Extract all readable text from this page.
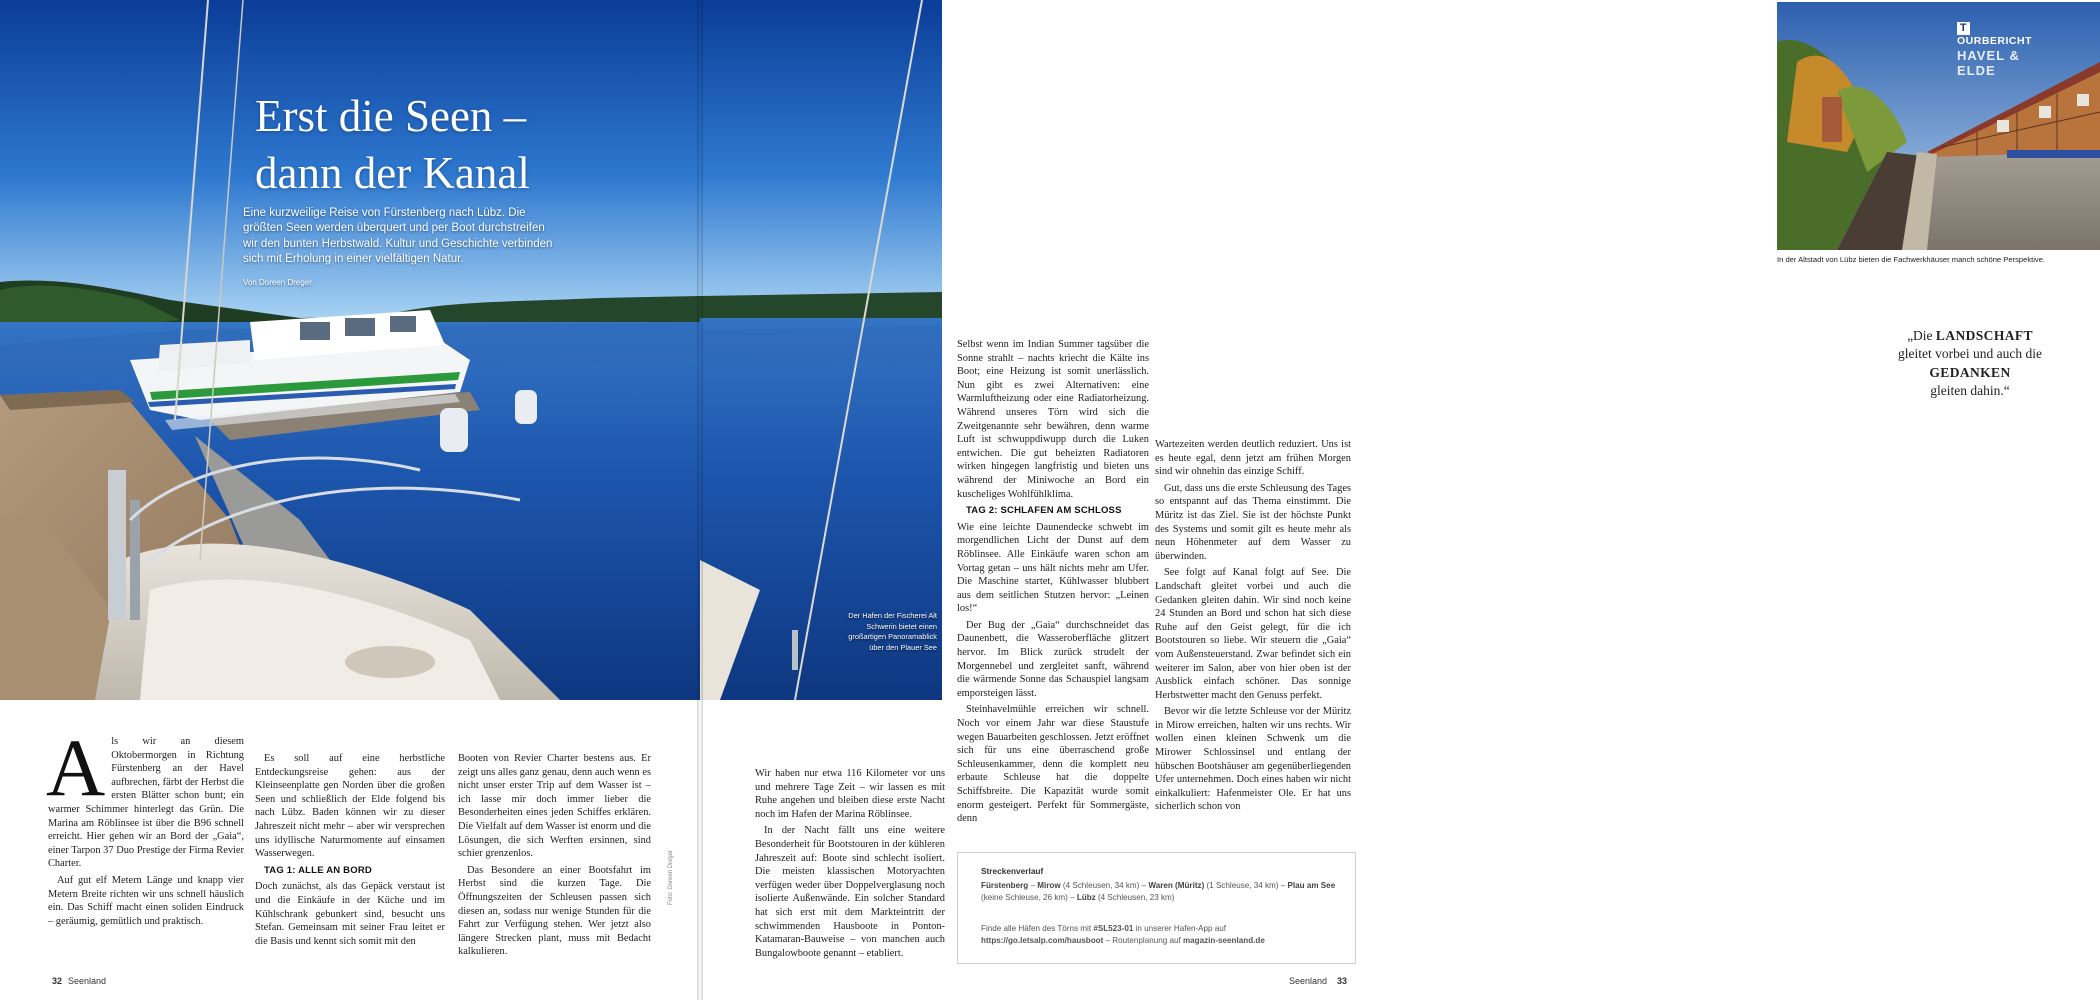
Erst die Seen –
dann der Kanal

Eine kurzweilige Reise von Fürstenberg nach Lübz. Die größten Seen werden überquert und per Boot durchstreifen wir den bunten Herbstwald. Kultur und Geschichte verbinden sich mit Erholung in einer vielfältigen Natur.

Von Doreen Dreger

Als wir an diesem Oktobermorgen in Richtung Fürstenberg an der Havel aufbrechen, färbt der Herbst die ersten Blätter schon bunt; ein warmer Schimmer hinterlegt das Grün. Die Marina am Röblinsee ist über die B96 schnell erreicht. Hier gehen wir an Bord der „Gaia“, einer Tarpon 37 Duo Prestige der Firma Revier Charter.

Auf gut elf Metern Länge und knapp vier Metern Breite richten wir uns schnell häuslich ein. Das Schiff macht einen soliden Eindruck – geräumig, gemütlich und praktisch.

Es soll auf eine herbstliche Entdeckungsreise gehen: aus der Kleinseenplatte gen Norden über die großen Seen und schließlich der Elde folgend bis nach Lübz. Baden können wir zu dieser Jahreszeit nicht mehr – aber wir versprechen uns idyllische Naturmomente auf einsamen Wasserwegen.

TAG 1: ALLE AN BORD

Doch zunächst, als das Gepäck verstaut ist und die Einkäufe in der Küche und im Kühlschrank gebunkert sind, besucht uns Stefan. Gemeinsam mit seiner Frau leitet er die Basis und kennt sich somit mit den

Booten von Revier Charter bestens aus. Er zeigt uns alles ganz genau, denn auch wenn es nicht unser erster Trip auf dem Wasser ist – ich lasse mir doch immer lieber die Besonderheiten eines jeden Schiffes erklären. Die Vielfalt auf dem Wasser ist enorm und die Lösungen, die sich Werften ersinnen, sind schier grenzenlos.

Das Besondere an einer Bootsfahrt im Herbst sind die kurzen Tage. Die Öffnungszeiten der Schleusen passen sich diesen an, sodass nur wenige Stunden für die Fahrt zur Verfügung stehen. Wer jetzt also längere Strecken plant, muss mit Bedacht kalkulieren.

Foto: Doreen Dreger
32 Seenland
Der Hafen der Fischerei Alt Schwerin bietet einen großartigen Panoramablick über den Plauer See
TOURBERICHT
HAVEL & ELDE
In der Altstadt von Lübz bieten die Fachwerkhäuser manch schöne Perspektive.

Wir haben nur etwa 116 Kilometer vor uns und mehrere Tage Zeit – wir lassen es mit Ruhe angehen und bleiben diese erste Nacht noch im Hafen der Marina Röblinsee.

In der Nacht fällt uns eine weitere Besonderheit für Bootstouren in der kühleren Jahreszeit auf: Boote sind schlecht isoliert. Die meisten klassischen Motoryachten verfügen weder über Doppelverglasung noch isolierte Außenwände. Ein solcher Standard hat sich erst mit dem Markteintritt der schwimmenden Hausboote in Ponton-Katamaran-Bauweise – von manchen auch Bungalowboote genannt – etabliert.

Selbst wenn im Indian Summer tagsüber die Sonne strahlt – nachts kriecht die Kälte ins Boot; eine Heizung ist somit unerlässlich. Nun gibt es zwei Alternativen: eine Warmluftheizung oder eine Radiatorheizung. Während unseres Törn wird sich die Zweitgenannte sehr bewähren, denn warme Luft ist schwuppdiwupp durch die Luken entwichen. Die gut beheizten Radiatoren wirken hingegen langfristig und bieten uns während der Miniwoche an Bord ein kuscheliges Wohlfühlklima.

TAG 2: SCHLAFEN AM SCHLOSS

Wie eine leichte Daunendecke schwebt im morgendlichen Licht der Dunst auf dem Röblinsee. Alle Einkäufe waren schon am Vortag getan – uns hält nichts mehr am Ufer. Die Maschine startet, Kühlwasser blubbert aus dem seitlichen Stutzen hervor: „Leinen los!“

Der Bug der „Gaia“ durchschneidet das Daunenbett, die Wasseroberfläche glitzert hervor. Im Blick zurück strudelt der Morgennebel und zergleitet sanft, während die wärmende Sonne das Schauspiel langsam emporsteigen lässt.

Steinhavelmühle erreichen wir schnell. Noch vor einem Jahr war diese Staustufe wegen Bauarbeiten geschlossen. Jetzt eröffnet sich für uns eine überraschend große Schleusenkammer, denn die komplett neu erbaute Schleuse hat die doppelte Schiffsbreite. Die Kapazität wurde somit enorm gesteigert. Perfekt für Sommergäste, denn

„Die LANDSCHAFT
gleitet vorbei und auch die
GEDANKEN
gleiten dahin.“

Wartezeiten werden deutlich reduziert. Uns ist es heute egal, denn jetzt am frühen Morgen sind wir ohnehin das einzige Schiff.

Gut, dass uns die erste Schleusung des Tages so entspannt auf das Thema einstimmt. Die Müritz ist das Ziel. Sie ist der höchste Punkt des Systems und somit gilt es heute mehr als neun Höhenmeter auf dem Wasser zu überwinden.

See folgt auf Kanal folgt auf See. Die Landschaft gleitet vorbei und auch die Gedanken gleiten dahin. Wir sind noch keine 24 Stunden an Bord und schon hat sich diese Ruhe auf den Geist gelegt, für die ich Bootstouren so liebe. Wir steuern die „Gaia“ vom Außensteuerstand. Zwar befindet sich ein weiterer im Salon, aber von hier oben ist der Ausblick einfach schöner. Das sonnige Herbstwetter macht den Genuss perfekt.

Bevor wir die letzte Schleuse vor der Müritz in Mirow erreichen, halten wir uns rechts. Wir wollen einen kleinen Schwenk um die Mirower Schlossinsel und entlang der hübschen Bootshäuser am gegenüberliegenden Ufer unternehmen. Doch eines haben wir nicht einkalkuliert: Hafenmeister Ole. Er hat uns sicherlich schon von

Seenland 33
Streckenverlauf
Fürstenberg – Mirow (4 Schleusen, 34 km) – Waren (Müritz) (1 Schleuse, 34 km) – Plau am See (keine Schleuse, 26 km) – Lübz (4 Schleusen, 23 km)
Finde alle Häfen des Törns mit #SL523-01 in unserer Hafen-App auf
https://go.letsalp.com/hausboot – Routenplanung auf magazin-seenland.de
